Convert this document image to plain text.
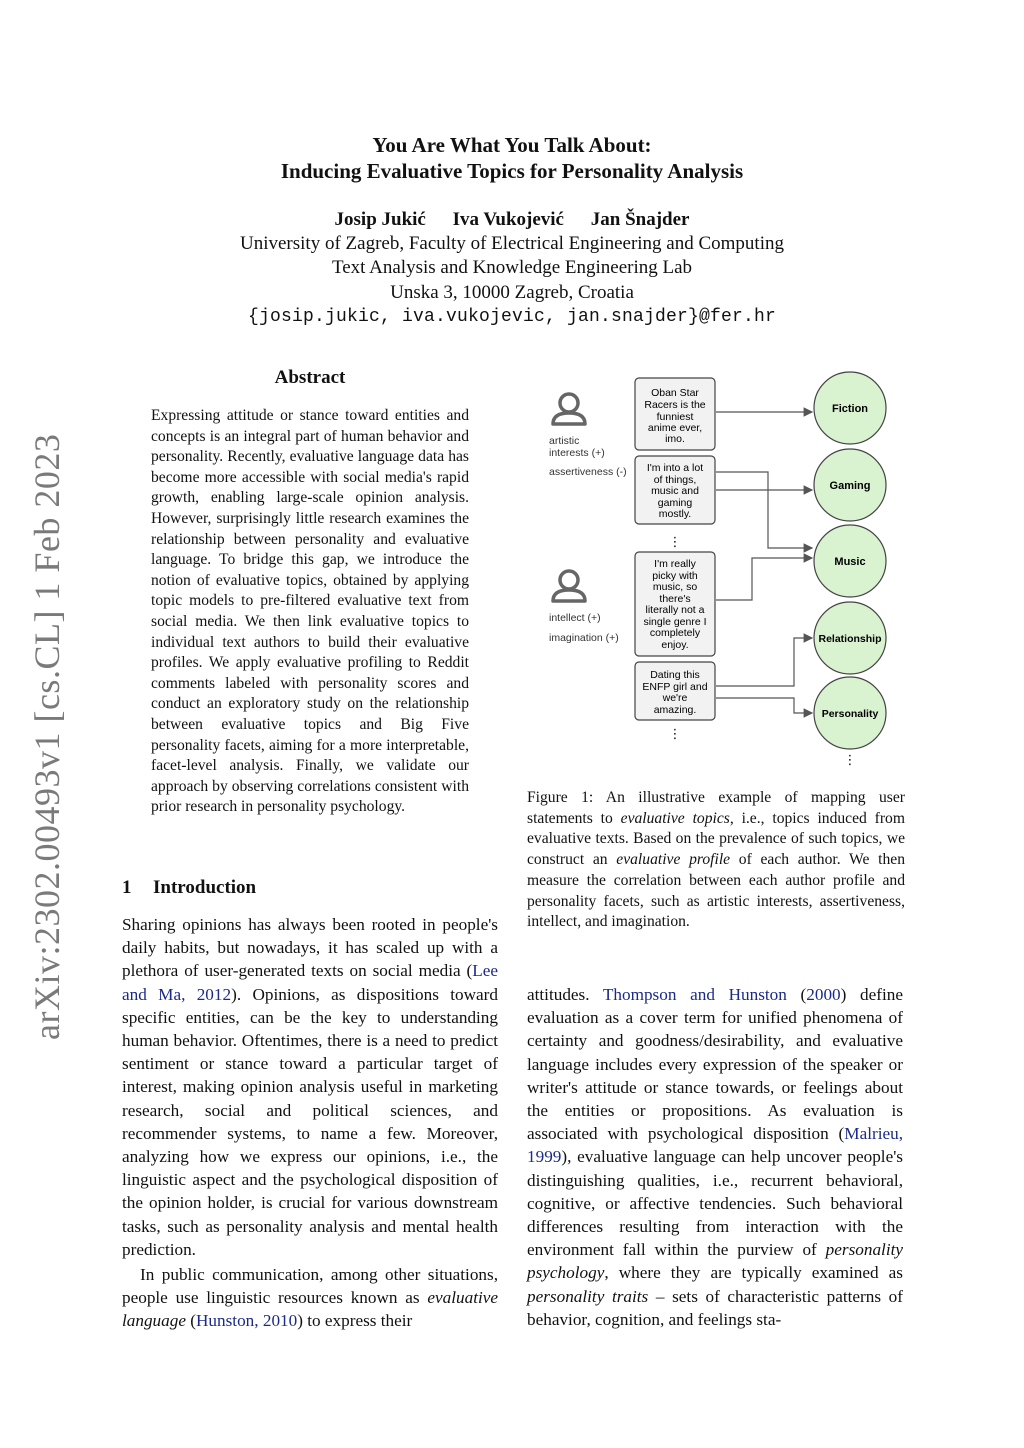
arXiv:2302.00493v1 [cs.CL] 1 Feb 2023
You Are What You Talk About:
Inducing Evaluative Topics for Personality Analysis
Josip Jukić Iva Vukojević Jan Šnajder
University of Zagreb, Faculty of Electrical Engineering and Computing
Text Analysis and Knowledge Engineering Lab
Unska 3, 10000 Zagreb, Croatia
{josip.jukic, iva.vukojevic, jan.snajder}@fer.hr
Abstract
Expressing attitude or stance toward entities and concepts is an integral part of human behavior and personality. Recently, evaluative language data has become more accessible with social media's rapid growth, enabling large-scale opinion analysis. However, surprisingly little research examines the relationship between personality and evaluative language. To bridge this gap, we introduce the notion of evaluative topics, obtained by applying topic models to pre-filtered evaluative text from social media. We then link evaluative topics to individual text authors to build their evaluative profiles. We apply evaluative profiling to Reddit comments labeled with personality scores and conduct an exploratory study on the relationship between evaluative topics and Big Five personality facets, aiming for a more interpretable, facet-level analysis. Finally, we validate our approach by observing correlations consistent with prior research in personality psychology.
1 Introduction
Sharing opinions has always been rooted in people's daily habits, but nowadays, it has scaled up with a plethora of user-generated texts on social media (Lee and Ma, 2012). Opinions, as dispositions toward specific entities, can be the key to understanding human behavior. Oftentimes, there is a need to predict sentiment or stance toward a particular target of interest, making opinion analysis useful in marketing research, social and political sciences, and recommender systems, to name a few. Moreover, analyzing how we express our opinions, i.e., the linguistic aspect and the psychological disposition of the opinion holder, is crucial for various downstream tasks, such as personality analysis and mental health prediction.
In public communication, among other situations, people use linguistic resources known as evaluative language (Hunston, 2010) to express their
attitudes. Thompson and Hunston (2000) define evaluation as a cover term for unified phenomena of certainty and goodness/desirability, and evaluative language includes every expression of the speaker or writer's attitude or stance towards, or feelings about the entities or propositions. As evaluation is associated with psychological disposition (Malrieu, 1999), evaluative language can help uncover people's distinguishing qualities, i.e., recurrent behavioral, cognitive, or affective tendencies. Such behavioral differences resulting from interaction with the environment fall within the purview of personality psychology, where they are typically examined as personality traits – sets of characteristic patterns of behavior, cognition, and feelings sta-
artistic
interests (+)
assertiveness (-)
intellect (+)
imagination (+)
Oban Star
Racers is the
funniest
anime ever,
imo.
I'm into a lot
of things,
music and
gaming
mostly.
⋮
I'm really
picky with
music, so
there's
literally not a
single genre I
completely
enjoy.
Dating this
ENFP girl and
we're
amazing.
⋮
Fiction
Gaming
Music
Relationship
Personality
⋮
Figure 1: An illustrative example of mapping user statements to evaluative topics, i.e., topics induced from evaluative texts. Based on the prevalence of such topics, we construct an evaluative profile of each author. We then measure the correlation between each author profile and personality facets, such as artistic interests, assertiveness, intellect, and imagination.
